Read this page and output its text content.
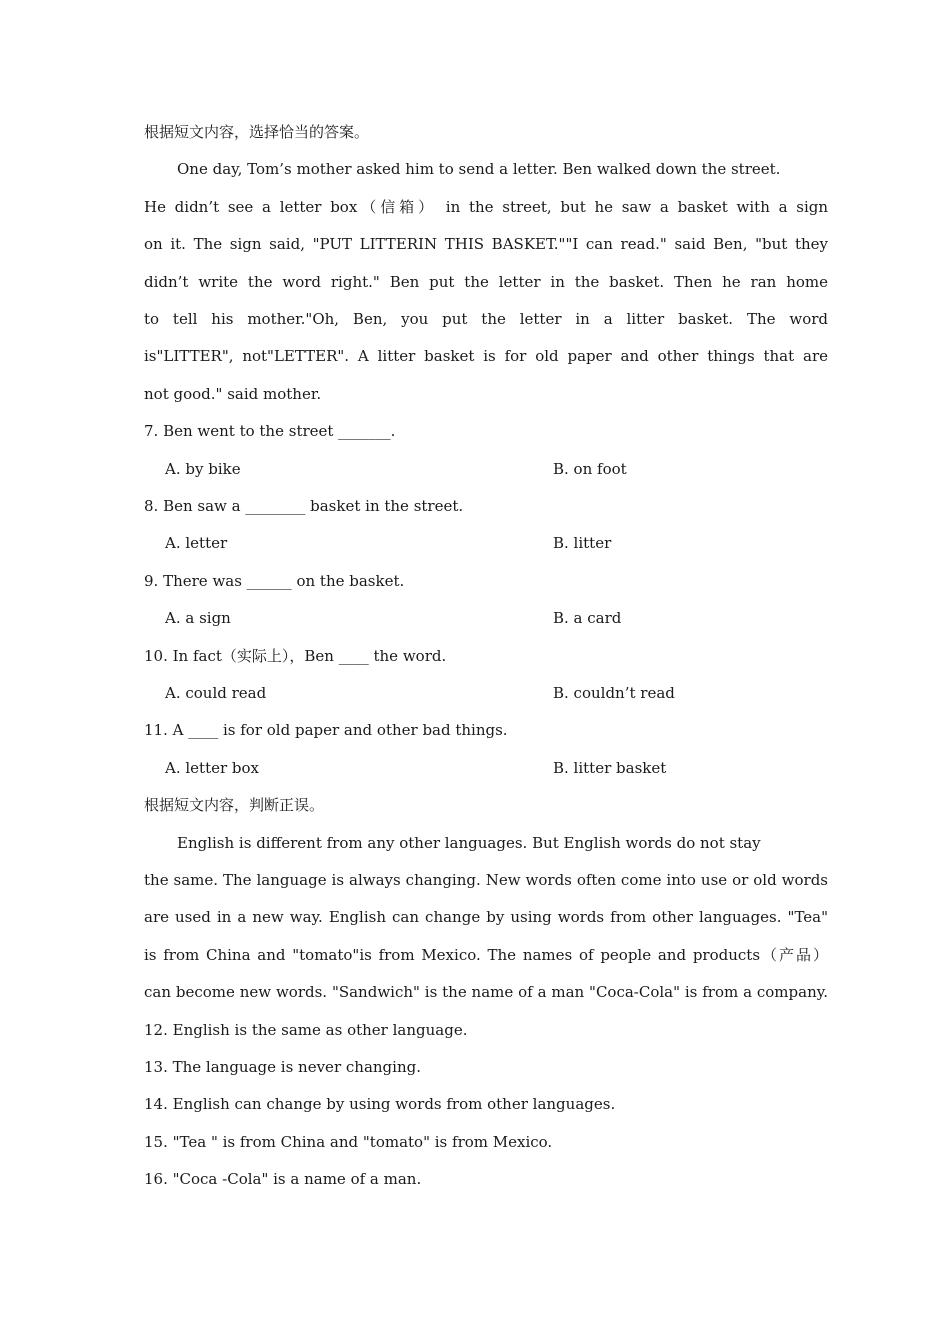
根据短文内容，选择恰当的答案。
One day, Tom’s mother asked him to send a letter. Ben walked down the street.
He didn’t see a letter box（信箱） in the street, but he saw a basket with a sign
on it. The sign said, "PUT LITTERIN THIS BASKET.""I can read." said Ben, "but they
didn’t write the word right." Ben put the letter in the basket. Then he ran home
to tell his mother."Oh, Ben, you put the letter in a litter basket. The word
is"LITTER", not"LETTER". A litter basket is for old paper and other things that are
not good." said mother.
7. Ben went to the street _______.
A. by bike	B. on foot
8. Ben saw a ________ basket in the street.
A. letter	B. litter
9. There was ______ on the basket.
A. a sign	B. a card
10. In fact（实际上），Ben ____ the word.
A. could read	B. couldn’t read
11. A ____ is for old paper and other bad things.
A. letter box	B. litter basket
根据短文内容，判断正误。
English is different from any other languages. But English words do not stay
the same. The language is always changing. New words often come into use or old words
are used in a new way. English can change by using words from other languages. "Tea"
is from China and "tomato"is from Mexico. The names of people and products（产品）
can become new words. "Sandwich" is the name of a man "Coca-Cola" is from a company.
12. English is the same as other language.
13. The language is never changing.
14. English can change by using words from other languages.
15. "Tea " is from China and "tomato" is from Mexico.
16. "Coca -Cola" is a name of a man.
